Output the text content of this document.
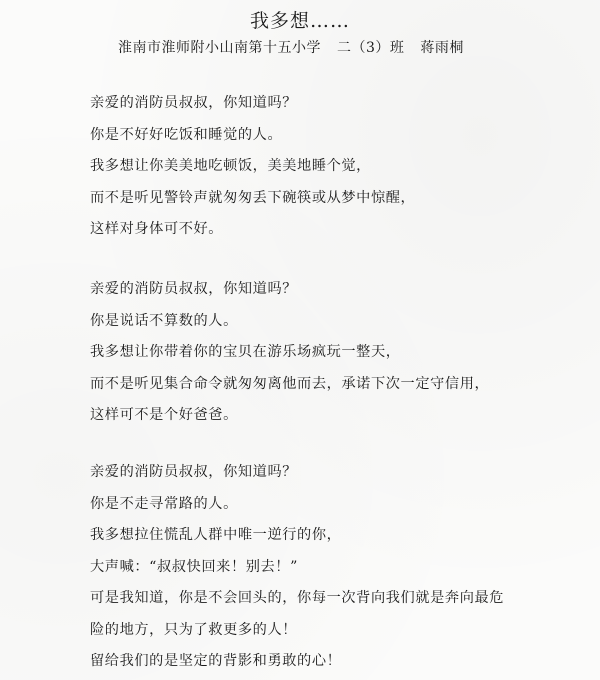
我多想……
淮南市淮师附小山南第十五小学 二（3）班 蒋雨桐
亲爱的消防员叔叔，你知道吗？
你是不好好吃饭和睡觉的人。
我多想让你美美地吃顿饭，美美地睡个觉，
而不是听见警铃声就匆匆丢下碗筷或从梦中惊醒，
这样对身体可不好。
亲爱的消防员叔叔，你知道吗？
你是说话不算数的人。
我多想让你带着你的宝贝在游乐场疯玩一整天，
而不是听见集合命令就匆匆离他而去，承诺下次一定守信用，
这样可不是个好爸爸。
亲爱的消防员叔叔，你知道吗？
你是不走寻常路的人。
我多想拉住慌乱人群中唯一逆行的你，
大声喊：“叔叔快回来！别去！”
可是我知道，你是不会回头的，你每一次背向我们就是奔向最危
险的地方，只为了救更多的人！
留给我们的是坚定的背影和勇敢的心！
